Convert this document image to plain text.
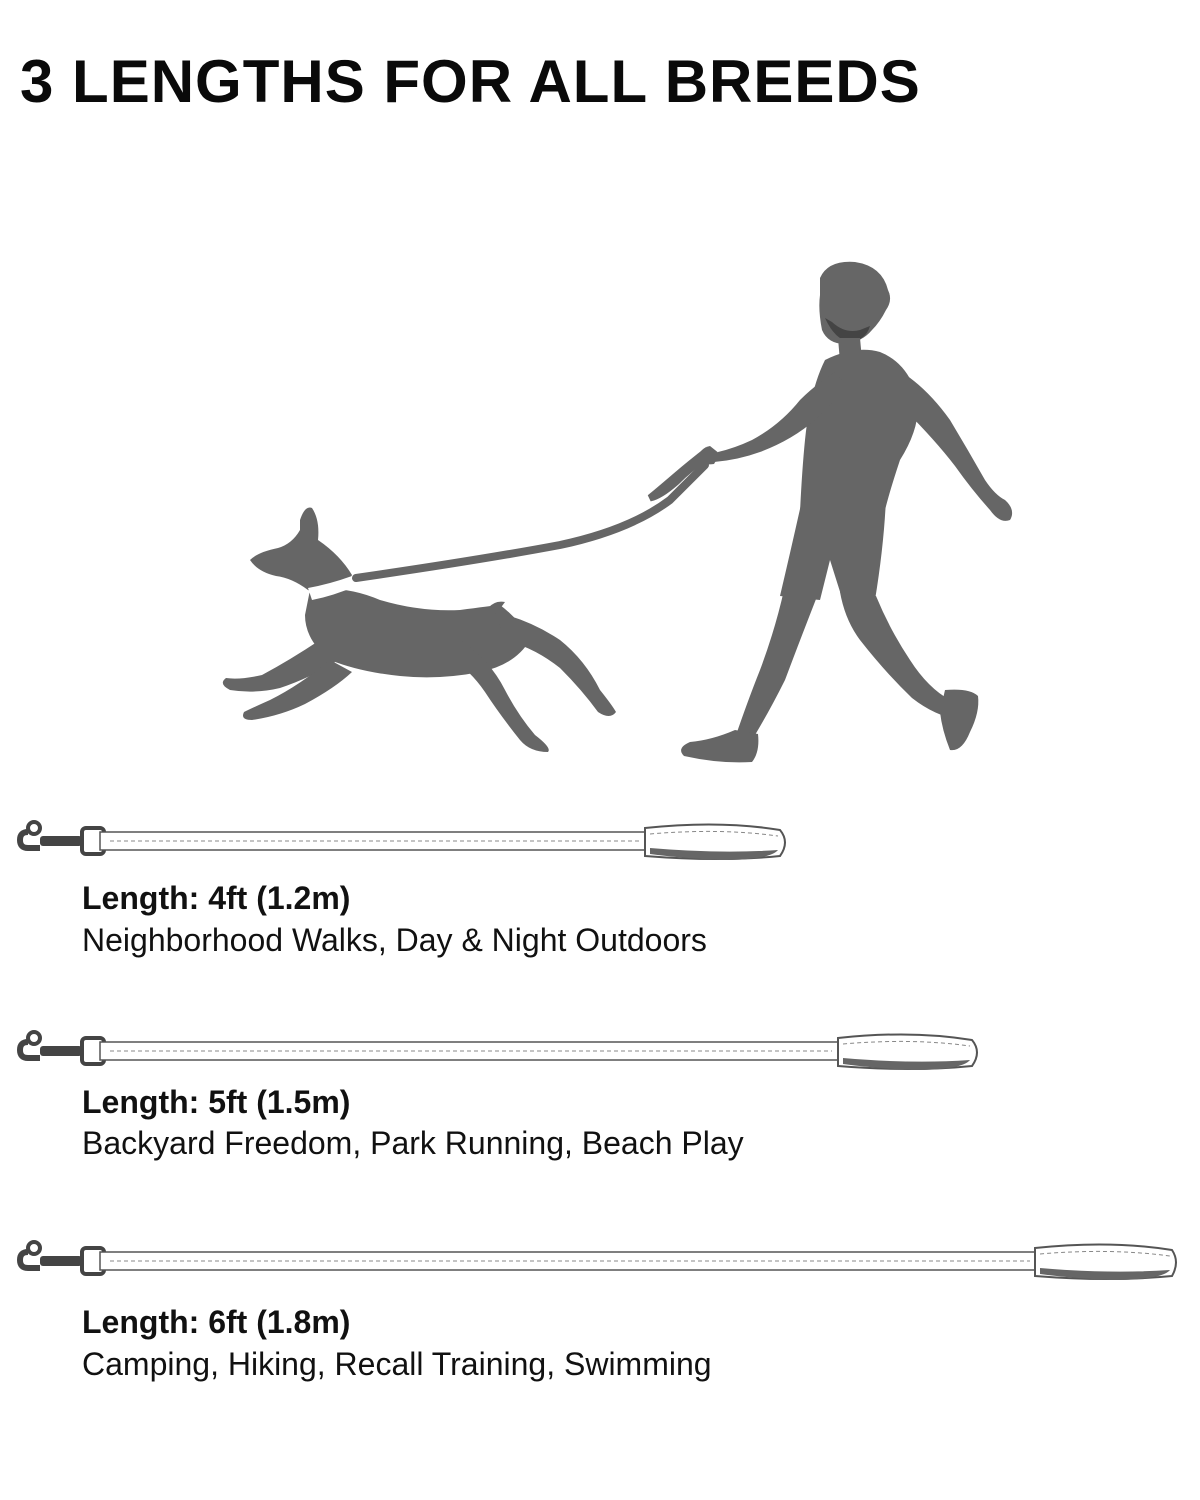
3 LENGTHS FOR ALL BREEDS
Length: 4ft (1.2m)
Neighborhood Walks, Day & Night Outdoors
Length: 5ft (1.5m)
Backyard Freedom, Park Running, Beach Play
Length: 6ft (1.8m)
Camping, Hiking, Recall Training, Swimming
